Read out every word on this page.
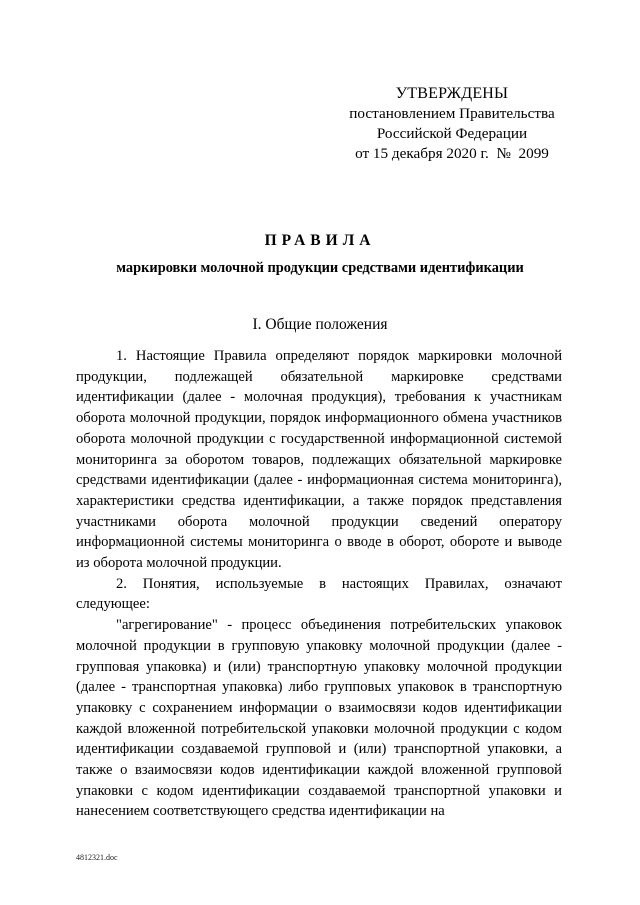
УТВЕРЖДЕНЫ
постановлением Правительства
Российской Федерации
от 15 декабря 2020 г.  №  2099
ПРАВИЛА
маркировки молочной продукции средствами идентификации
I. Общие положения

1. Настоящие Правила определяют порядок маркировки молочной продукции, подлежащей обязательной маркировке средствами идентификации (далее - молочная продукция), требования к участникам оборота молочной продукции, порядок информационного обмена участников оборота молочной продукции с государственной информационной системой мониторинга за оборотом товаров, подлежащих обязательной маркировке средствами идентификации (далее - информационная система мониторинга), характеристики средства идентификации, а также порядок представления участниками оборота молочной продукции сведений оператору информационной системы мониторинга о вводе в оборот, обороте и выводе из оборота молочной продукции.

2. Понятия, используемые в настоящих Правилах, означают следующее:

"агрегирование" - процесс объединения потребительских упаковок молочной продукции в групповую упаковку молочной продукции (далее - групповая упаковка) и (или) транспортную упаковку молочной продукции (далее - транспортная упаковка) либо групповых упаковок в транспортную упаковку с сохранением информации о взаимосвязи кодов идентификации каждой вложенной потребительской упаковки молочной продукции с кодом идентификации создаваемой групповой и (или) транспортной упаковки, а также о взаимосвязи кодов идентификации каждой вложенной групповой упаковки с кодом идентификации создаваемой транспортной упаковки и нанесением соответствующего средства идентификации на

4812321.doc
